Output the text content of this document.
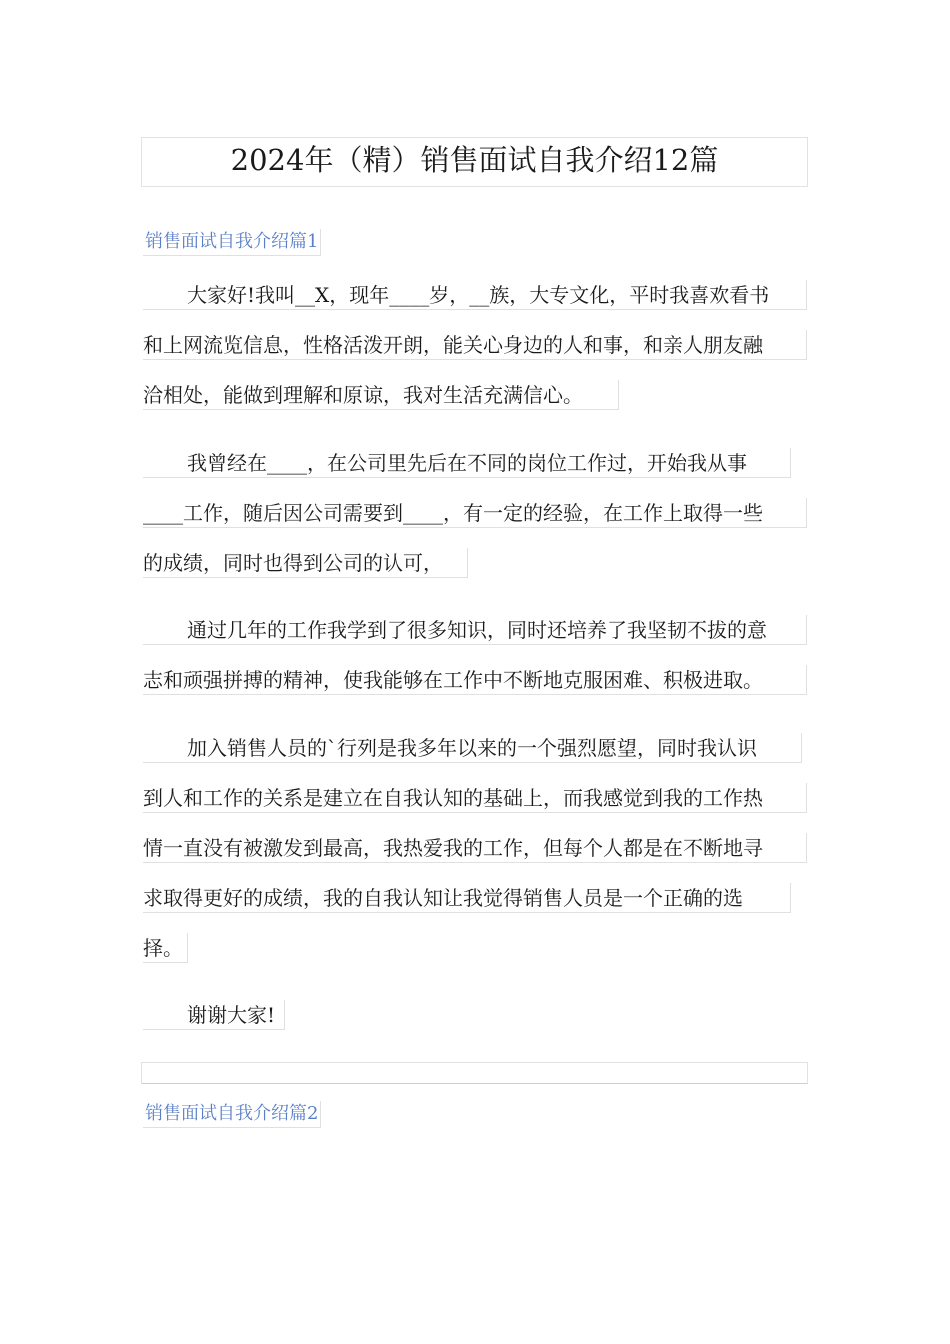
2024年（精）销售面试自我介绍12篇
销售面试自我介绍篇1
大家好!我叫__X，现年____岁，__族，大专文化，平时我喜欢看书
和上网流览信息，性格活泼开朗，能关心身边的人和事，和亲人朋友融
洽相处，能做到理解和原谅，我对生活充满信心。
我曾经在____，在公司里先后在不同的岗位工作过，开始我从事
____工作，随后因公司需要到____，有一定的经验，在工作上取得一些
的成绩，同时也得到公司的认可，
通过几年的工作我学到了很多知识，同时还培养了我坚韧不拔的意
志和顽强拼搏的精神，使我能够在工作中不断地克服困难、积极进取。
加入销售人员的`行列是我多年以来的一个强烈愿望，同时我认识
到人和工作的关系是建立在自我认知的基础上，而我感觉到我的工作热
情一直没有被激发到最高，我热爱我的工作，但每个人都是在不断地寻
求取得更好的成绩，我的自我认知让我觉得销售人员是一个正确的选
择。
谢谢大家!
销售面试自我介绍篇2
